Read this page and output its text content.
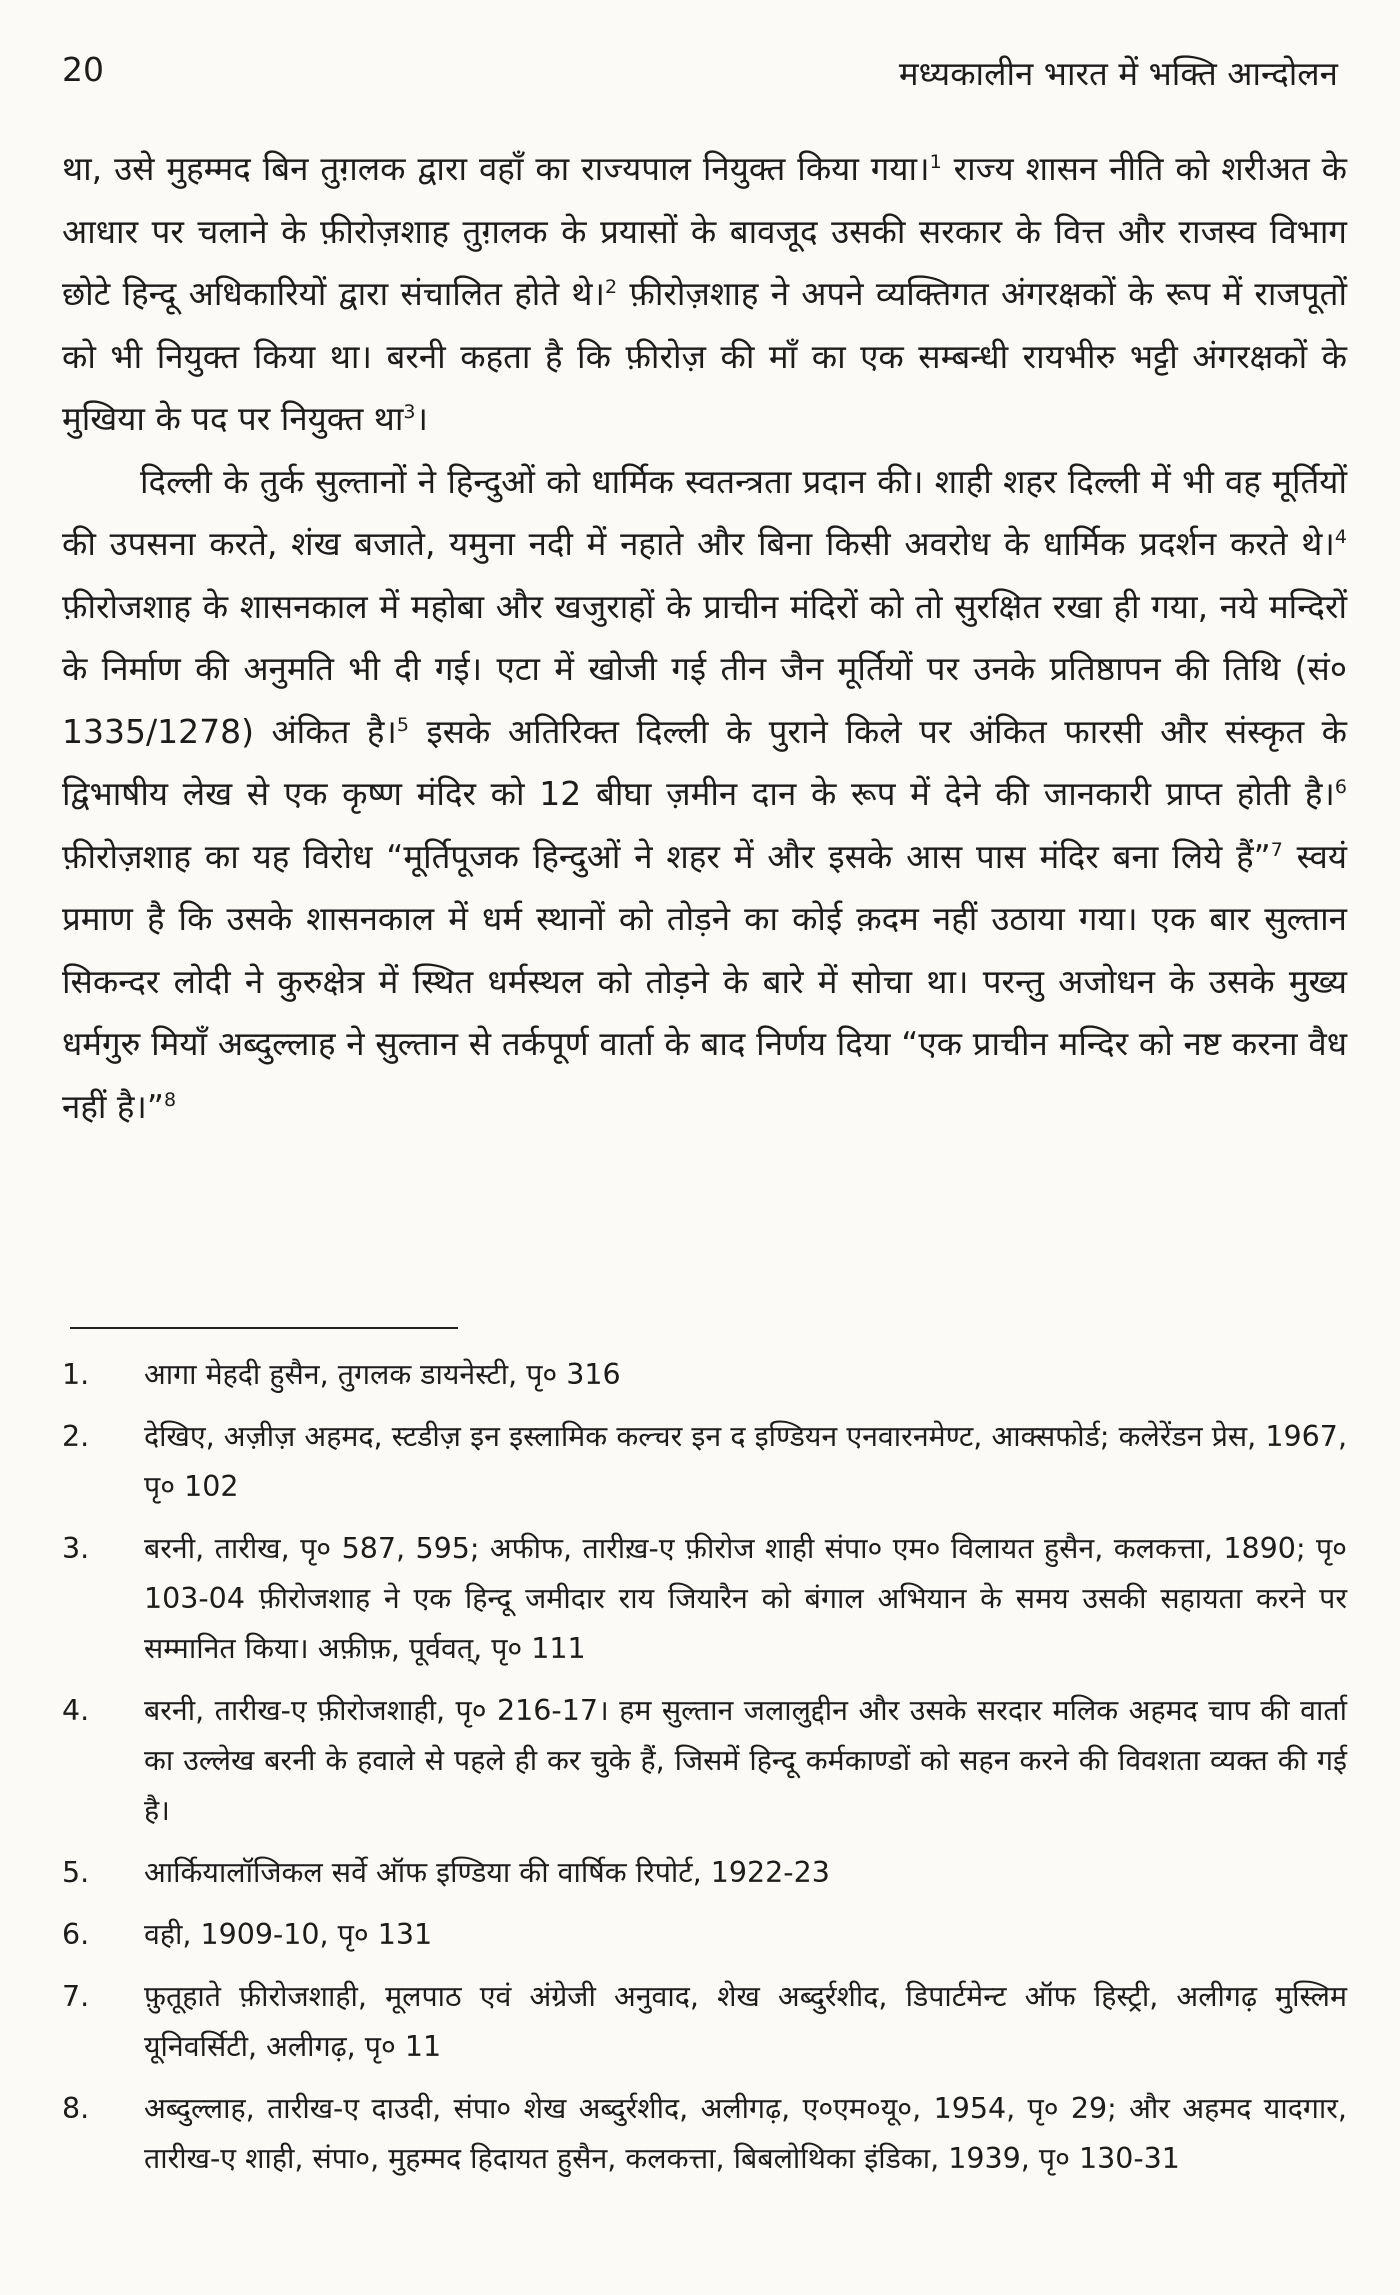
20	मध्यकालीन भारत में भक्ति आन्दोलन

था, उसे मुहम्मद बिन तुग़लक द्वारा वहाँ का राज्यपाल नियुक्त किया गया।$^1$ राज्य शासन नीति को शरीअत के आधार पर चलाने के फ़ीरोज़शाह तुग़लक के प्रयासों के बावजूद उसकी सरकार के वित्त और राजस्व विभाग छोटे हिन्दू अधिकारियों द्वारा संचालित होते थे।$^2$ फ़ीरोज़शाह ने अपने व्यक्तिगत अंगरक्षकों के रूप में राजपूतों को भी नियुक्त किया था। बरनी कहता है कि फ़ीरोज़ की माँ का एक सम्बन्धी रायभीरु भट्टी अंगरक्षकों के मुखिया के पद पर नियुक्त था$^3$।

दिल्ली के तुर्क सुल्तानों ने हिन्दुओं को धार्मिक स्वतन्त्रता प्रदान की। शाही शहर दिल्ली में भी वह मूर्तियों की उपसना करते, शंख बजाते, यमुना नदी में नहाते और बिना किसी अवरोध के धार्मिक प्रदर्शन करते थे।$^4$ फ़ीरोजशाह के शासनकाल में महोबा और खजुराहों के प्राचीन मंदिरों को तो सुरक्षित रखा ही गया, नये मन्दिरों के निर्माण की अनुमति भी दी गई। एटा में खोजी गई तीन जैन मूर्तियों पर उनके प्रतिष्ठापन की तिथि (सं० 1335/1278) अंकित है।$^5$ इसके अतिरिक्त दिल्ली के पुराने किले पर अंकित फारसी और संस्कृत के द्विभाषीय लेख से एक कृष्ण मंदिर को 12 बीघा ज़मीन दान के रूप में देने की जानकारी प्राप्त होती है।$^6$ फ़ीरोज़शाह का यह विरोध “मूर्तिपूजक हिन्दुओं ने शहर में और इसके आस पास मंदिर बना लिये हैं”$^7$ स्वयं प्रमाण है कि उसके शासनकाल में धर्म स्थानों को तोड़ने का कोई क़दम नहीं उठाया गया। एक बार सुल्तान सिकन्दर लोदी ने कुरुक्षेत्र में स्थित धर्मस्थल को तोड़ने के बारे में सोचा था। परन्तु अजोधन के उसके मुख्य धर्मगुरु मियाँ अब्दुल्लाह ने सुल्तान से तर्कपूर्ण वार्ता के बाद निर्णय दिया “एक प्राचीन मन्दिर को नष्ट करना वैध नहीं है।”$^8$

1.	आगा मेहदी हुसैन, तुगलक डायनेस्टी, पृ० 316
2.	देखिए, अज़ीज़ अहमद, स्टडीज़ इन इस्लामिक कल्चर इन द इण्डियन एनवारनमेण्ट, आक्सफोर्ड; कलेरेंडन प्रेस, 1967, पृ० 102
3.	बरनी, तारीख, पृ० 587, 595; अफीफ, तारीख़-ए फ़ीरोज शाही संपा० एम० विलायत हुसैन, कलकत्ता, 1890; पृ० 103-04 फ़ीरोजशाह ने एक हिन्दू जमीदार राय जियारैन को बंगाल अभियान के समय उसकी सहायता करने पर सम्मानित किया। अफ़ीफ़, पूर्ववत्, पृ० 111
4.	बरनी, तारीख-ए फ़ीरोजशाही, पृ० 216-17। हम सुल्तान जलालुद्दीन और उसके सरदार मलिक अहमद चाप की वार्ता का उल्लेख बरनी के हवाले से पहले ही कर चुके हैं, जिसमें हिन्दू कर्मकाण्डों को सहन करने की विवशता व्यक्त की गई है।
5.	आर्कियालॉजिकल सर्वे ऑफ इण्डिया की वार्षिक रिपोर्ट, 1922-23
6.	वही, 1909-10, पृ० 131
7.	फ़ुतूहाते फ़ीरोजशाही, मूलपाठ एवं अंग्रेजी अनुवाद, शेख अब्दुर्रशीद, डिपार्टमेन्ट ऑफ हिस्ट्री, अलीगढ़ मुस्लिम यूनिवर्सिटी, अलीगढ़, पृ० 11
8.	अब्दुल्लाह, तारीख-ए दाउदी, संपा० शेख अब्दुर्रशीद, अलीगढ़, ए०एम०यू०, 1954, पृ० 29; और अहमद यादगार, तारीख-ए शाही, संपा०, मुहम्मद हिदायत हुसैन, कलकत्ता, बिबलोथिका इंडिका, 1939, पृ० 130-31
